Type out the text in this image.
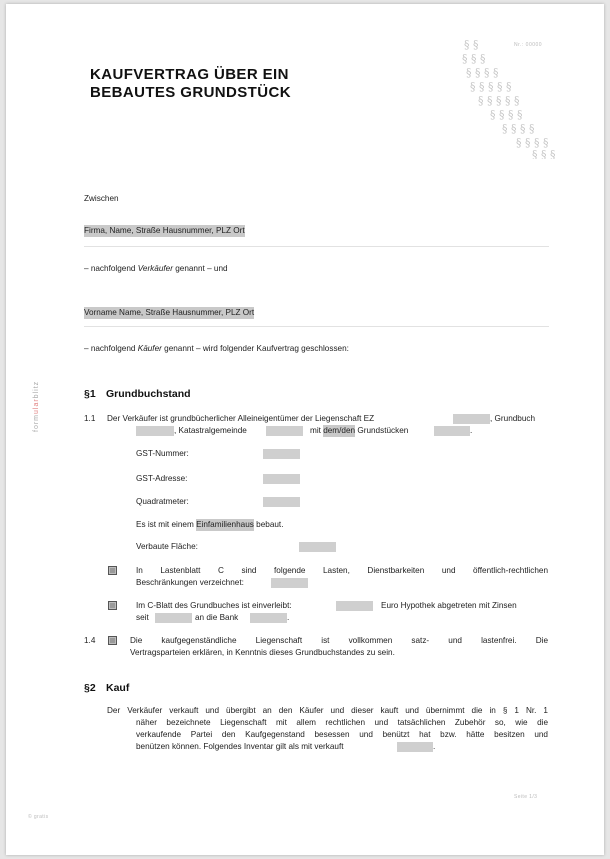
KAUFVERTRAG ÜBER EIN
BEBAUTES GRUNDSTÜCK
Nr.: 00000
§ §
§ § §
§ § § §
§ § § § §
§ § § § §
§ § § §
§ § § §
§ § § §
§ § §
formularblitz
Zwischen
Firma, Name, Straße Hausnummer, PLZ Ort
– nachfolgend Verkäufer genannt – und
Vorname Name, Straße Hausnummer, PLZ Ort
– nachfolgend Käufer genannt – wird folgender Kaufvertrag geschlossen:
§1 Grundbuchstand
1.1 Der Verkäufer ist grundbücherlicher Alleineigentümer der Liegenschaft EZ	, Grundbuch
, Katastralgemeinde	mit dem/den Grundstücken	.
GST-Nummer:
GST-Adresse:
Quadratmeter:
Es ist mit einem Einfamilienhaus bebaut.
Verbaute Fläche:
In Lastenblatt C sind folgende Lasten, Dienstbarkeiten und öffentlich-rechtlichen
Beschränkungen verzeichnet:
Im C-Blatt des Grundbuches ist einverleibt:	Euro Hypothek abgetreten mit Zinsen
seit	an die Bank	.
1.4	Die kaufgegenständliche Liegenschaft ist vollkommen satz- und lastenfrei. Die
Vertragsparteien erklären, in Kenntnis dieses Grundbuchstandes zu sein.
§2 Kauf
Der Verkäufer verkauft und übergibt an den Käufer und dieser kauft und übernimmt die in § 1 Nr. 1
näher bezeichnete Liegenschaft mit allem rechtlichen und tatsächlichen Zubehör so, wie die
verkaufende Partei den Kaufgegenstand besessen und benützt hat bzw. hätte besitzen und
benützen können. Folgendes Inventar gilt als mit verkauft	.
Seite 1/3
© gratis
